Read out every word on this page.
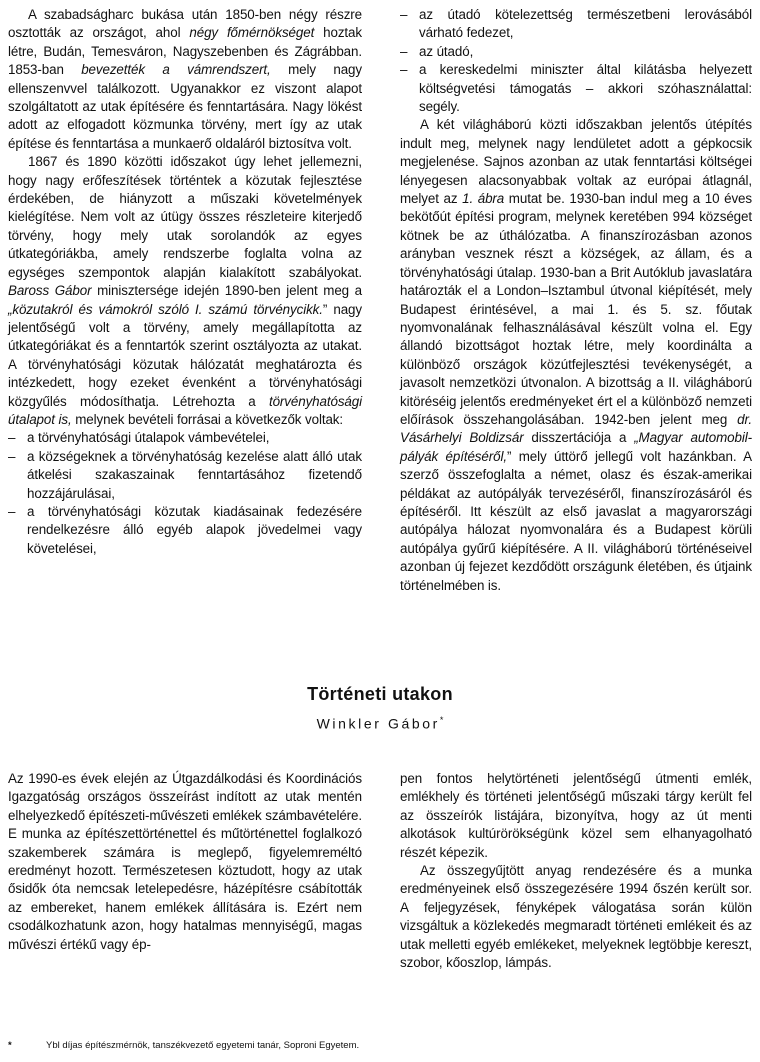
A szabadságharc bukása után 1850-ben négy részre osztották az országot, ahol négy főmérnökséget hoztak létre, Budán, Temesváron, Nagyszebenben és Zágrábban. 1853-ban bevezették a vámrendszert, mely nagy ellenszenvvel találkozott. Ugyanakkor ez viszont alapot szolgáltatott az utak építésére és fenntartására. Nagy lökést adott az elfogadott közmunka törvény, mert így az utak építése és fenntartása a munkaerő oldaláról biztosítva volt.

1867 és 1890 közötti időszakot úgy lehet jellemezni, hogy nagy erőfeszítések történtek a közutak fejlesztése érdekében, de hiányzott a műszaki követelmények kielégítése. Nem volt az útügy összes részleteire kiterjedő törvény, hogy mely utak sorolandók az egyes útkategóriákba, amely rendszerbe foglalta volna az egységes szempontok alapján kialakított szabályokat. Baross Gábor minisztersége idején 1890-ben jelent meg a „közutakról és vámokról szóló I. számú törvénycikk.” nagy jelentőségű volt a törvény, amely megállapította az útkategóriákat és a fenntartók szerint osztályozta az utakat. A törvényhatósági közutak hálózatát meghatározta és intézkedett, hogy ezeket évenként a törvényhatósági közgyűlés módosíthatja. Létrehozta a törvényhatósági útalapot is, melynek bevételi forrásai a következők voltak:

– a törvényhatósági útalapok vámbevételei,
– a községeknek a törvényhatóság kezelése alatt álló utak átkelési szakaszainak fenntartásához fizetendő hozzájárulásai,
– a törvényhatósági közutak kiadásainak fedezésére rendelkezésre álló egyéb alapok jövedelmei vagy követelései,
– az útadó kötelezettség természetbeni lerovásából várható fedezet,
– az útadó,
– a kereskedelmi miniszter által kilátásba helyezett költségvetési támogatás – akkori szóhasználattal: segély.

A két világháború közti időszakban jelentős útépítés indult meg, melynek nagy lendületet adott a gépkocsik megjelenése. Sajnos azonban az utak fenntartási költségei lényegesen alacsonyabbak voltak az európai átlagnál, melyet az 1. ábra mutat be. 1930-ban indul meg a 10 éves bekötőút építési program, melynek keretében 994 községet kötnek be az úthálózatba. A finanszírozásban azonos arányban vesznek részt a községek, az állam, és a törvényhatósági útalap. 1930-ban a Brit Autóklub javaslatára határozták el a London–Isztambul útvonal kiépítését, mely Budapest érintésével, a mai 1. és 5. sz. főutak nyomvonalának felhasználásával készült volna el. Egy állandó bizottságot hoztak létre, mely koordinálta a különböző országok közútfejlesztési tevékenységét, a javasolt nemzetközi útvonalon. A bizottság a II. világháború kitöréséig jelentős eredményeket ért el a különböző nemzeti előírások összehangolásában. 1942-ben jelent meg dr. Vásárhelyi Boldizsár disszertációja a „Magyar automobil-pályák építéséről,” mely úttörő jellegű volt hazánkban. A szerző összefoglalta a német, olasz és észak-amerikai példákat az autópályák tervezéséről, finanszírozásáról és építéséről. Itt készült az első javaslat a magyarországi autópálya hálozat nyomvonalára és a Budapest körüli autópálya gyűrű kiépítésére. A II. világháború történéseivel azonban új fejezet kezdődött országunk életében, és útjaink történelmében is.

Történeti utakon
Winkler Gábor*

Az 1990-es évek elején az Útgazdálkodási és Koordinációs Igazgatóság országos összeírást indított az utak mentén elhelyezkedő építészeti-művészeti emlékek számbavételére. E munka az építészettörténettel és műtörténettel foglalkozó szakemberek számára is meglepő, figyelemreméltó eredményt hozott. Természetesen köztudott, hogy az utak ősidők óta nemcsak letelepedésre, házépítésre csábították az embereket, hanem emlékek állítására is. Ezért nem csodálkozhatunk azon, hogy hatalmas mennyiségű, magas művészi értékű vagy ép-

pen fontos helytörténeti jelentőségű útmenti emlék, emlékhely és történeti jelentőségű műszaki tárgy került fel az összeírók listájára, bizonyítva, hogy az út menti alkotások kultúrörökségünk közel sem elhanyagolható részét képezik.

Az összegyűjtött anyag rendezésére és a munka eredményeinek első összegezésére 1994 őszén került sor. A feljegyzések, fényképek válogatása során külön vizsgáltuk a közlekedés megmaradt történeti emlékeit és az utak melletti egyéb emlékeket, melyeknek legtöbbje kereszt, szobor, kőoszlop, lámpás.

*	Ybl díjas építészmérnök, tanszékvezető egyetemi tanár, Soproni Egyetem.
